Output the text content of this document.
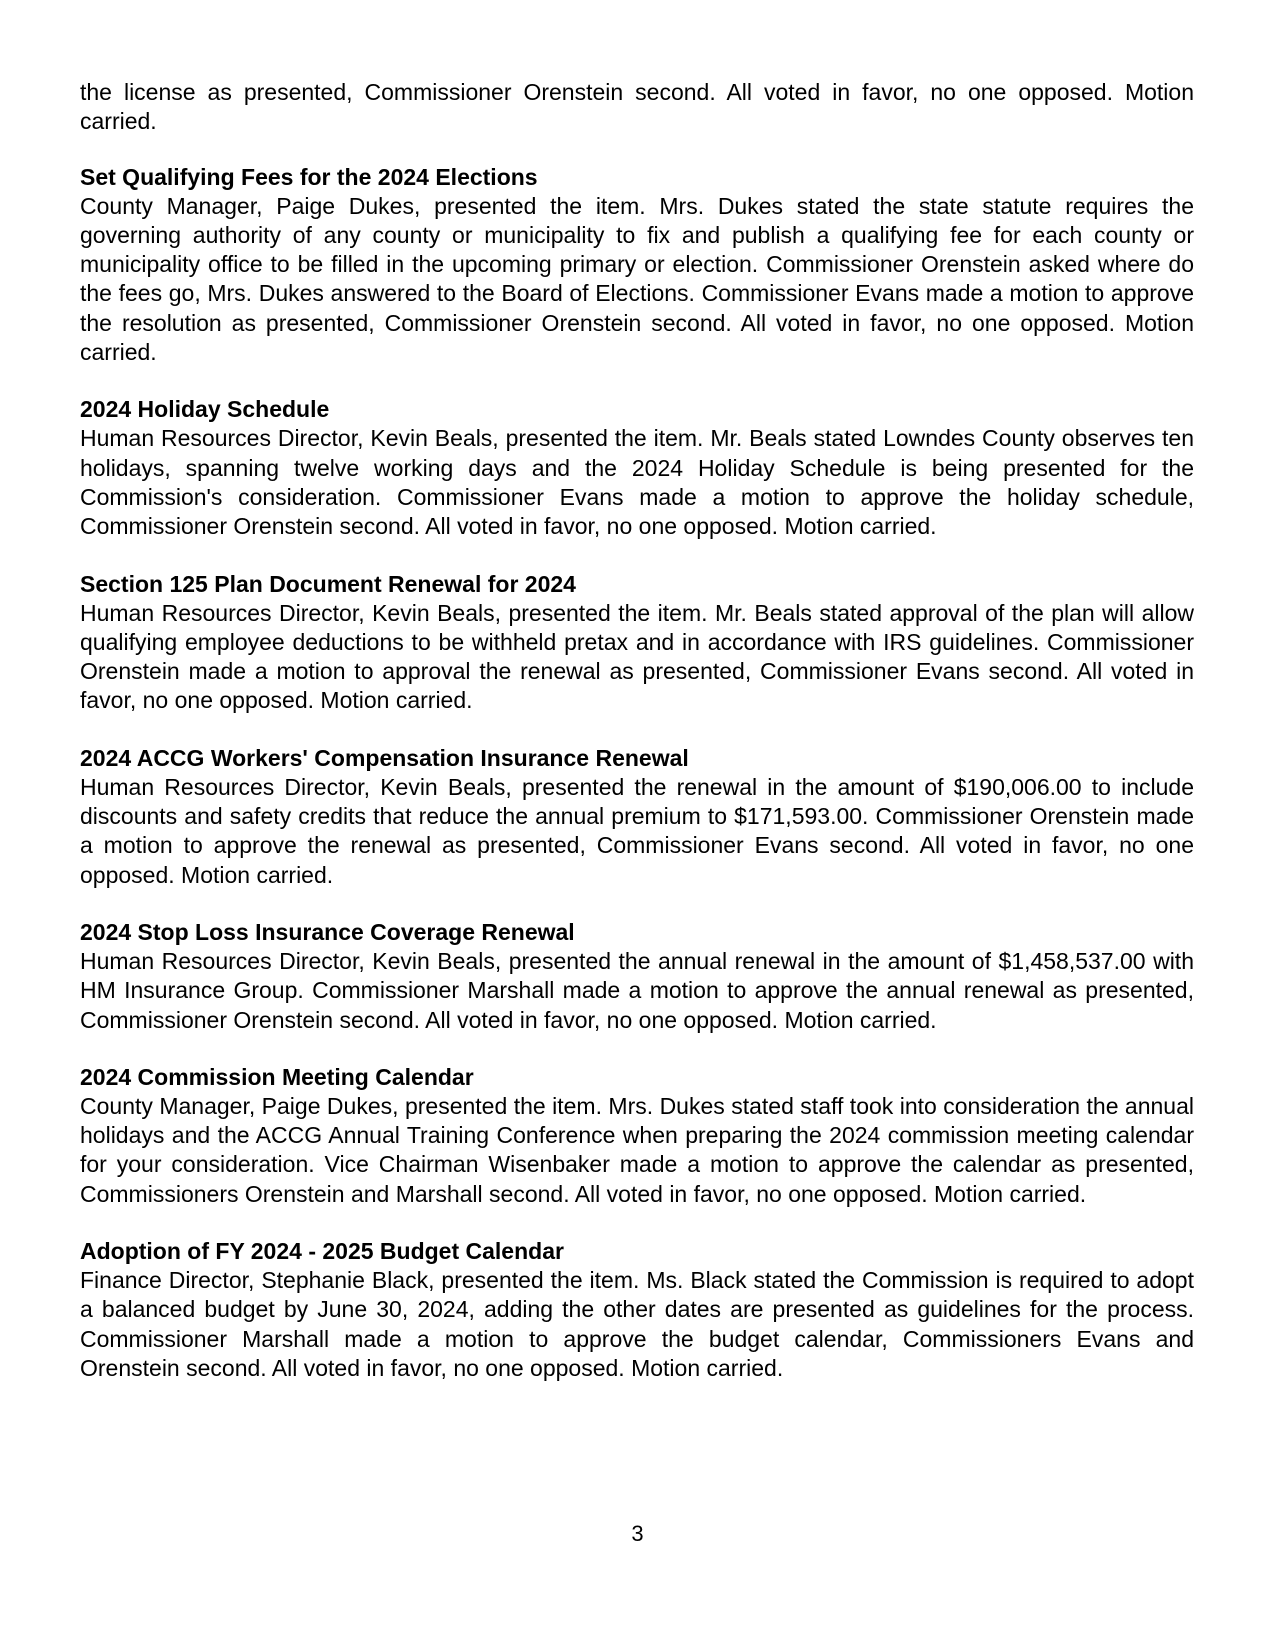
the license as presented, Commissioner Orenstein second. All voted in favor, no one opposed. Motion carried.

Set Qualifying Fees for the 2024 Elections

County Manager, Paige Dukes, presented the item. Mrs. Dukes stated the state statute requires the governing authority of any county or municipality to fix and publish a qualifying fee for each county or municipality office to be filled in the upcoming primary or election. Commissioner Orenstein asked where do the fees go, Mrs. Dukes answered to the Board of Elections. Commissioner Evans made a motion to approve the resolution as presented, Commissioner Orenstein second. All voted in favor, no one opposed. Motion carried.

2024 Holiday Schedule

Human Resources Director, Kevin Beals, presented the item. Mr. Beals stated Lowndes County observes ten holidays, spanning twelve working days and the 2024 Holiday Schedule is being presented for the Commission's consideration. Commissioner Evans made a motion to approve the holiday schedule, Commissioner Orenstein second. All voted in favor, no one opposed. Motion carried.

Section 125 Plan Document Renewal for 2024

Human Resources Director, Kevin Beals, presented the item. Mr. Beals stated approval of the plan will allow qualifying employee deductions to be withheld pretax and in accordance with IRS guidelines. Commissioner Orenstein made a motion to approval the renewal as presented, Commissioner Evans second. All voted in favor, no one opposed. Motion carried.

2024 ACCG Workers' Compensation Insurance Renewal

Human Resources Director, Kevin Beals, presented the renewal in the amount of $190,006.00 to include discounts and safety credits that reduce the annual premium to $171,593.00. Commissioner Orenstein made a motion to approve the renewal as presented, Commissioner Evans second. All voted in favor, no one opposed. Motion carried.

2024 Stop Loss Insurance Coverage Renewal

Human Resources Director, Kevin Beals, presented the annual renewal in the amount of $1,458,537.00 with HM Insurance Group. Commissioner Marshall made a motion to approve the annual renewal as presented, Commissioner Orenstein second. All voted in favor, no one opposed. Motion carried.

2024 Commission Meeting Calendar

County Manager, Paige Dukes, presented the item. Mrs. Dukes stated staff took into consideration the annual holidays and the ACCG Annual Training Conference when preparing the 2024 commission meeting calendar for your consideration. Vice Chairman Wisenbaker made a motion to approve the calendar as presented, Commissioners Orenstein and Marshall second. All voted in favor, no one opposed. Motion carried.

Adoption of FY 2024 - 2025 Budget Calendar

Finance Director, Stephanie Black, presented the item. Ms. Black stated the Commission is required to adopt a balanced budget by June 30, 2024, adding the other dates are presented as guidelines for the process. Commissioner Marshall made a motion to approve the budget calendar, Commissioners Evans and Orenstein second. All voted in favor, no one opposed. Motion carried.

3
